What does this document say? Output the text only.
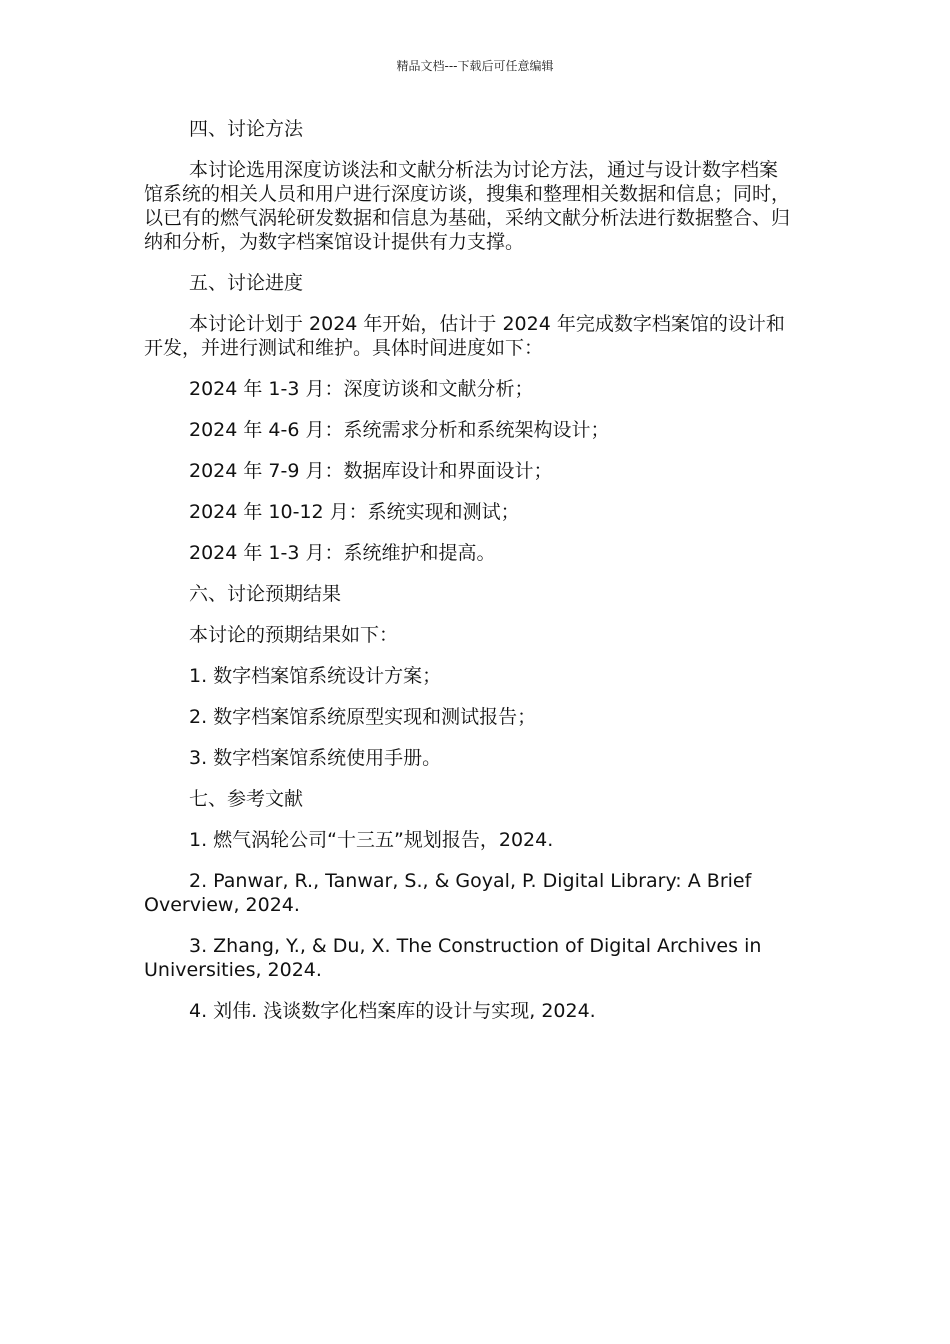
精品文档---下载后可任意编辑
四、讨论方法
本讨论选用深度访谈法和文献分析法为讨论方法，通过与设计数字档案馆系统的相关人员和用户进行深度访谈，搜集和整理相关数据和信息；同时，以已有的燃气涡轮研发数据和信息为基础，采纳文献分析法进行数据整合、归纳和分析，为数字档案馆设计提供有力支撑。
五、讨论进度
本讨论计划于 2024 年开始，估计于 2024 年完成数字档案馆的设计和开发，并进行测试和维护。具体时间进度如下：
2024 年 1-3 月：深度访谈和文献分析；
2024 年 4-6 月：系统需求分析和系统架构设计；
2024 年 7-9 月：数据库设计和界面设计；
2024 年 10-12 月：系统实现和测试；
2024 年 1-3 月：系统维护和提高。
六、讨论预期结果
本讨论的预期结果如下：
1. 数字档案馆系统设计方案；
2. 数字档案馆系统原型实现和测试报告；
3. 数字档案馆系统使用手册。
七、参考文献
1. 燃气涡轮公司“十三五”规划报告，2024.
2. Panwar, R., Tanwar, S., & Goyal, P. Digital Library: A Brief Overview, 2024.
3. Zhang, Y., & Du, X. The Construction of Digital Archives in Universities, 2024.
4. 刘伟. 浅谈数字化档案库的设计与实现, 2024.
